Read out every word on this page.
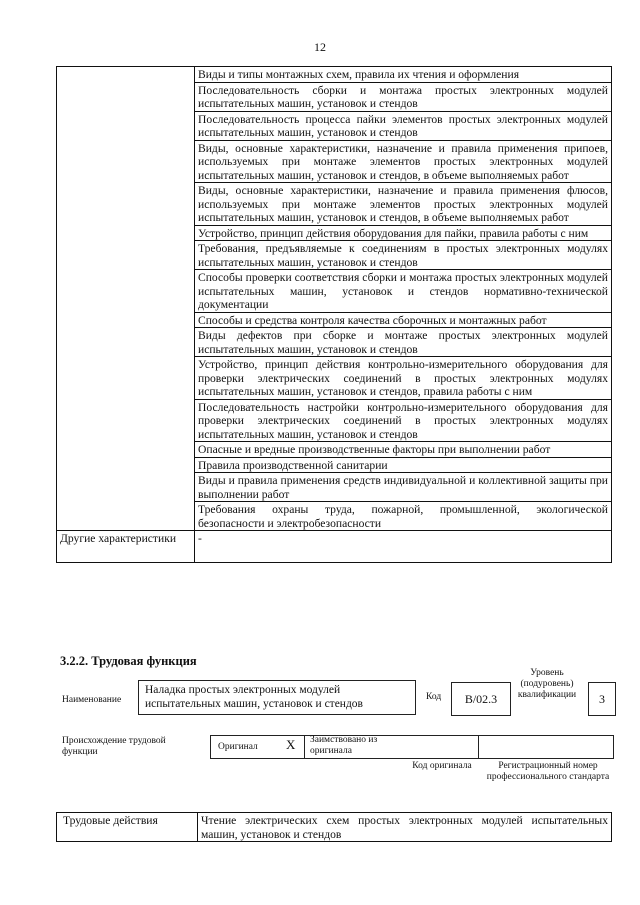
12
	Виды и типы монтажных схем, правила их чтения и оформления
	Последовательность сборки и монтажа простых электронных модулей испытательных машин, установок и стендов
	Последовательность процесса пайки элементов простых электронных модулей испытательных машин, установок и стендов
	Виды, основные характеристики, назначение и правила применения припоев, используемых при монтаже элементов простых электронных модулей испытательных машин, установок и стендов, в объеме выполняемых работ
	Виды, основные характеристики, назначение и правила применения флюсов, используемых при монтаже элементов простых электронных модулей испытательных машин, установок и стендов, в объеме выполняемых работ
	Устройство, принцип действия оборудования для пайки, правила работы с ним
	Требования, предъявляемые к соединениям в простых электронных модулях испытательных машин, установок и стендов
	Способы проверки соответствия сборки и монтажа простых электронных модулей испытательных машин, установок и стендов нормативно-технической документации
	Способы и средства контроля качества сборочных и монтажных работ
	Виды дефектов при сборке и монтаже простых электронных модулей испытательных машин, установок и стендов
	Устройство, принцип действия контрольно-измерительного оборудования для проверки электрических соединений в простых электронных модулях испытательных машин, установок и стендов, правила работы с ним
	Последовательность настройки контрольно-измерительного оборудования для проверки электрических соединений в простых электронных модулях испытательных машин, установок и стендов
	Опасные и вредные производственные факторы при выполнении работ
	Правила производственной санитарии
	Виды и правила применения средств индивидуальной и коллективной защиты при выполнении работ
	Требования охраны труда, пожарной, промышленной, экологической безопасности и электробезопасности
Другие характеристики	-
3.2.2. Трудовая функция
Наименование
Наладка простых электронных модулей испытательных машин, установок и стендов
Код	B/02.3
Уровень (подуровень) квалификации	3
Происхождение трудовой функции	Оригинал X Заимствовано из оригинала
Код оригинала	Регистрационный номер профессионального стандарта
Трудовые действия	Чтение электрических схем простых электронных модулей испытательных машин, установок и стендов
